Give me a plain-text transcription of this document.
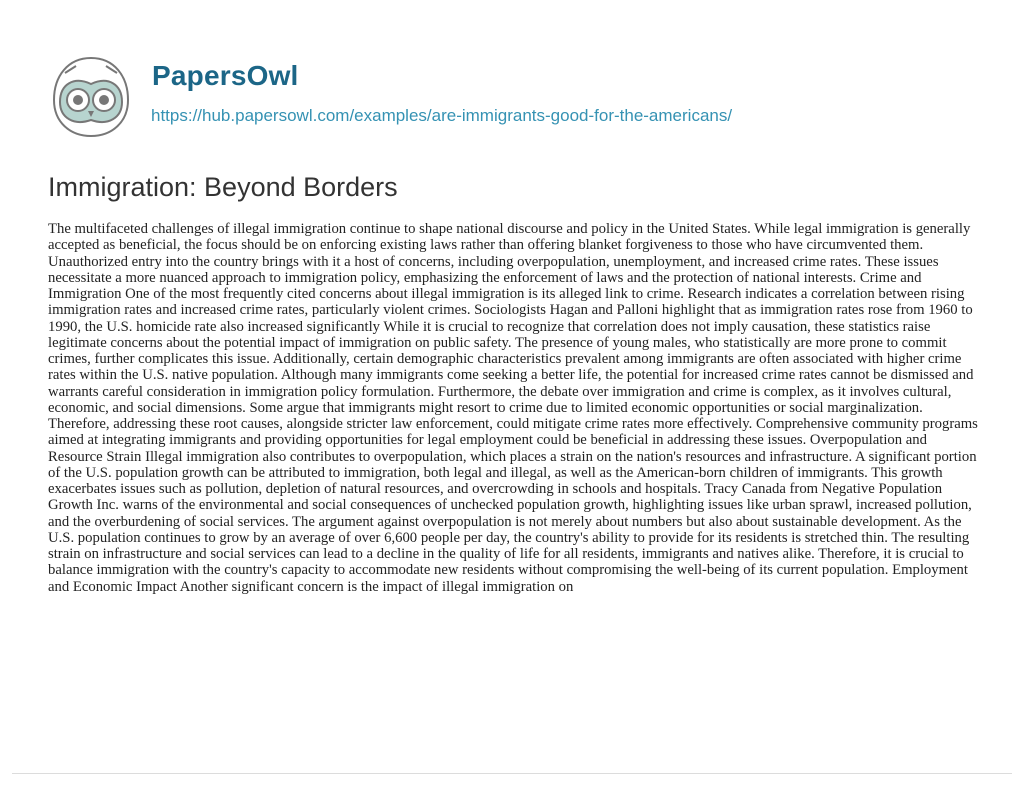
PapersOwl
https://hub.papersowl.com/examples/are-immigrants-good-for-the-americans/
Immigration: Beyond Borders

The multifaceted challenges of illegal immigration continue to shape national discourse and policy in the United States. While legal immigration is generally accepted as beneficial, the focus should be on enforcing existing laws rather than offering blanket forgiveness to those who have circumvented them. Unauthorized entry into the country brings with it a host of concerns, including overpopulation, unemployment, and increased crime rates. These issues necessitate a more nuanced approach to immigration policy, emphasizing the enforcement of laws and the protection of national interests. Crime and Immigration One of the most frequently cited concerns about illegal immigration is its alleged link to crime. Research indicates a correlation between rising immigration rates and increased crime rates, particularly violent crimes. Sociologists Hagan and Palloni highlight that as immigration rates rose from 1960 to 1990, the U.S. homicide rate also increased significantly While it is crucial to recognize that correlation does not imply causation, these statistics raise legitimate concerns about the potential impact of immigration on public safety. The presence of young males, who statistically are more prone to commit crimes, further complicates this issue. Additionally, certain demographic characteristics prevalent among immigrants are often associated with higher crime rates within the U.S. native population. Although many immigrants come seeking a better life, the potential for increased crime rates cannot be dismissed and warrants careful consideration in immigration policy formulation. Furthermore, the debate over immigration and crime is complex, as it involves cultural, economic, and social dimensions. Some argue that immigrants might resort to crime due to limited economic opportunities or social marginalization. Therefore, addressing these root causes, alongside stricter law enforcement, could mitigate crime rates more effectively. Comprehensive community programs aimed at integrating immigrants and providing opportunities for legal employment could be beneficial in addressing these issues. Overpopulation and Resource Strain Illegal immigration also contributes to overpopulation, which places a strain on the nation's resources and infrastructure. A significant portion of the U.S. population growth can be attributed to immigration, both legal and illegal, as well as the American-born children of immigrants. This growth exacerbates issues such as pollution, depletion of natural resources, and overcrowding in schools and hospitals. Tracy Canada from Negative Population Growth Inc. warns of the environmental and social consequences of unchecked population growth, highlighting issues like urban sprawl, increased pollution, and the overburdening of social services. The argument against overpopulation is not merely about numbers but also about sustainable development. As the U.S. population continues to grow by an average of over 6,600 people per day, the country's ability to provide for its residents is stretched thin. The resulting strain on infrastructure and social services can lead to a decline in the quality of life for all residents, immigrants and natives alike. Therefore, it is crucial to balance immigration with the country's capacity to accommodate new residents without compromising the well-being of its current population. Employment and Economic Impact Another significant concern is the impact of illegal immigration on
